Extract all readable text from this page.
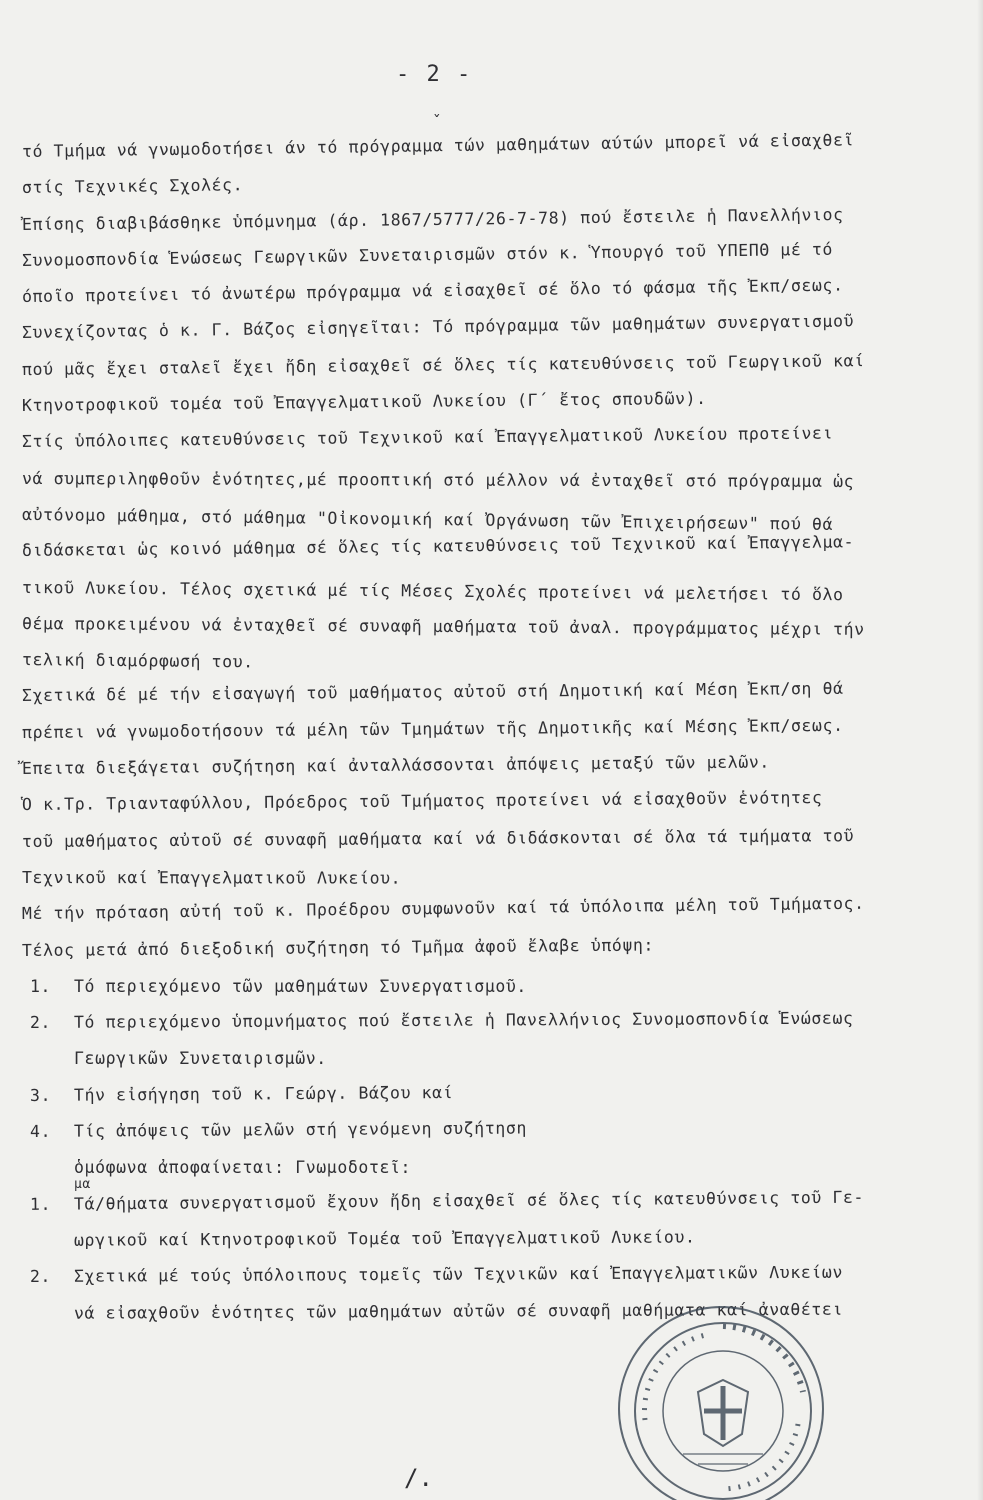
- 2 -
ˇ
τό Τμήμα νά γνωμοδοτήσει άν τό πρόγραμμα τών μαθημάτων αύτών μπορεῖ νά εἰσαχθεῖ
στίς Τεχνικές Σχολές.
Ἐπίσης διαβιβάσθηκε ὑπόμνημα (άρ. 1867/5777/26-7-78) πού ἔστειλε ἡ Πανελλήνιος
Συνομοσπονδία Ἑνώσεως Γεωργικῶν Συνεταιρισμῶν στόν κ. Ὑπουργό τοῦ ΥΠΕΠΘ μέ τό
όποῖο προτείνει τό ἀνωτέρω πρόγραμμα νά εἰσαχθεῖ σέ ὅλο τό φάσμα τῆς Ἐκπ/σεως.
Συνεχίζοντας ὁ κ. Γ. Βάζος εἰσηγεῖται: Τό πρόγραμμα τῶν μαθημάτων συνεργατισμοῦ
πού μᾶς ἔχει σταλεῖ ἔχει ἤδη εἰσαχθεῖ σέ ὅλες τίς κατευθύνσεις τοῦ Γεωργικοῦ καί
Κτηνοτροφικοῦ τομέα τοῦ Ἐπαγγελματικοῦ Λυκείου (Γ΄ ἔτος σπουδῶν).
Στίς ὑπόλοιπες κατευθύνσεις τοῦ Τεχνικοῦ καί Ἐπαγγελματικοῦ Λυκείου προτείνει
νά συμπεριληφθοῦν ἑνότητες,μέ προοπτική στό μέλλον νά ἐνταχθεῖ στό πρόγραμμα ὡς
αὐτόνομο μάθημα, στό μάθημα "Οἰκονομική καί Ὀργάνωση τῶν Ἐπιχειρήσεων" πού θά
διδάσκεται ὡς κοινό μάθημα σέ ὅλες τίς κατευθύνσεις τοῦ Τεχνικοῦ καί Ἐπαγγελμα-
τικοῦ Λυκείου. Τέλος σχετικά μέ τίς Μέσες Σχολές προτείνει νά μελετήσει τό ὅλο
θέμα προκειμένου νά ἐνταχθεῖ σέ συναφῆ μαθήματα τοῦ ἀναλ. προγράμματος μέχρι τήν
τελική διαμόρφωσή του.
Σχετικά δέ μέ τήν εἰσαγωγή τοῦ μαθήματος αὐτοῦ στή Δημοτική καί Μέση Ἐκπ/ση θά
πρέπει νά γνωμοδοτήσουν τά μέλη τῶν Τμημάτων τῆς Δημοτικῆς καί Μέσης Ἐκπ/σεως.
Ἔπειτα διεξάγεται συζήτηση καί ἀνταλλάσσονται ἀπόψεις μεταξύ τῶν μελῶν.
Ὁ κ.Τρ. Τριανταφύλλου, Πρόεδρος τοῦ Τμήματος προτείνει νά εἰσαχθοῦν ἑνότητες
τοῦ μαθήματος αὐτοῦ σέ συναφῆ μαθήματα καί νά διδάσκονται σέ ὅλα τά τμήματα τοῦ
Τεχνικοῦ καί Ἐπαγγελματικοῦ Λυκείου.
Μέ τήν πρόταση αὐτή τοῦ κ. Προέδρου συμφωνοῦν καί τά ὑπόλοιπα μέλη τοῦ Τμήματος.
Τέλος μετά ἀπό διεξοδική συζήτηση τό Τμῆμα ἀφοῦ ἔλαβε ὑπόψη:
1. Τό περιεχόμενο τῶν μαθημάτων Συνεργατισμοῦ.
2. Τό περιεχόμενο ὑπομνήματος πού ἔστειλε ἡ Πανελλήνιος Συνομοσπονδία Ἑνώσεως
Γεωργικῶν Συνεταιρισμῶν.
3. Τήν εἰσήγηση τοῦ κ. Γεώργ. Βάζου καί
4. Τίς ἀπόψεις τῶν μελῶν στή γενόμενη συζήτηση
ὁμόφωνα ἀποφαίνεται: Γνωμοδοτεῖ:
μα
1. Τά/θήματα συνεργατισμοῦ ἔχουν ἤδη εἰσαχθεῖ σέ ὅλες τίς κατευθύνσεις τοῦ Γε-
ωργικοῦ καί Κτηνοτροφικοῦ Τομέα τοῦ Ἐπαγγελματικοῦ Λυκείου.
2. Σχετικά μέ τούς ὑπόλοιπους τομεῖς τῶν Τεχνικῶν καί Ἐπαγγελματικῶν Λυκείων
νά εἰσαχθοῦν ἑνότητες τῶν μαθημάτων αὐτῶν σέ συναφῆ μαθήματα καί ἀναθέτει
/.
